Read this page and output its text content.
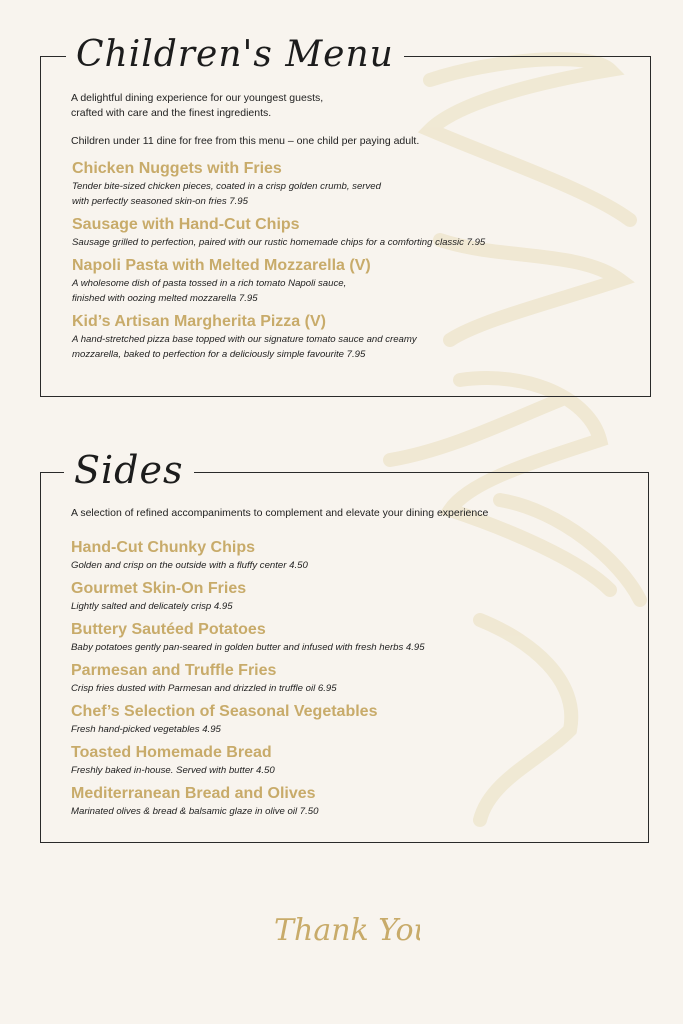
Children's Menu
A delightful dining experience for our youngest guests,
crafted with care and the finest ingredients.
Children under 11 dine for free from this menu – one child per paying adult.
Chicken Nuggets with Fries
Tender bite-sized chicken pieces, coated in a crisp golden crumb, served
with perfectly seasoned skin-on fries 7.95
Sausage with Hand-Cut Chips
Sausage grilled to perfection, paired with our rustic homemade chips for a comforting classic 7.95
Napoli Pasta with Melted Mozzarella (V)
A wholesome dish of pasta tossed in a rich tomato Napoli sauce,
finished with oozing melted mozzarella 7.95
Kid’s Artisan Margherita Pizza (V)
A hand-stretched pizza base topped with our signature tomato sauce and creamy
mozzarella, baked to perfection for a deliciously simple favourite 7.95
Sides
A selection of refined accompaniments to complement and elevate your dining experience
Hand-Cut Chunky Chips
Golden and crisp on the outside with a fluffy center 4.50
Gourmet Skin-On Fries
Lightly salted and delicately crisp 4.95
Buttery Sautéed Potatoes
Baby potatoes gently pan-seared in golden butter and infused with fresh herbs 4.95
Parmesan and Truffle Fries
Crisp fries dusted with Parmesan and drizzled in truffle oil 6.95
Chef’s Selection of Seasonal Vegetables
Fresh hand-picked vegetables 4.95
Toasted Homemade Bread
Freshly baked in-house. Served with butter 4.50
Mediterranean Bread and Olives
Marinated olives & bread & balsamic glaze in olive oil 7.50
Thank You
